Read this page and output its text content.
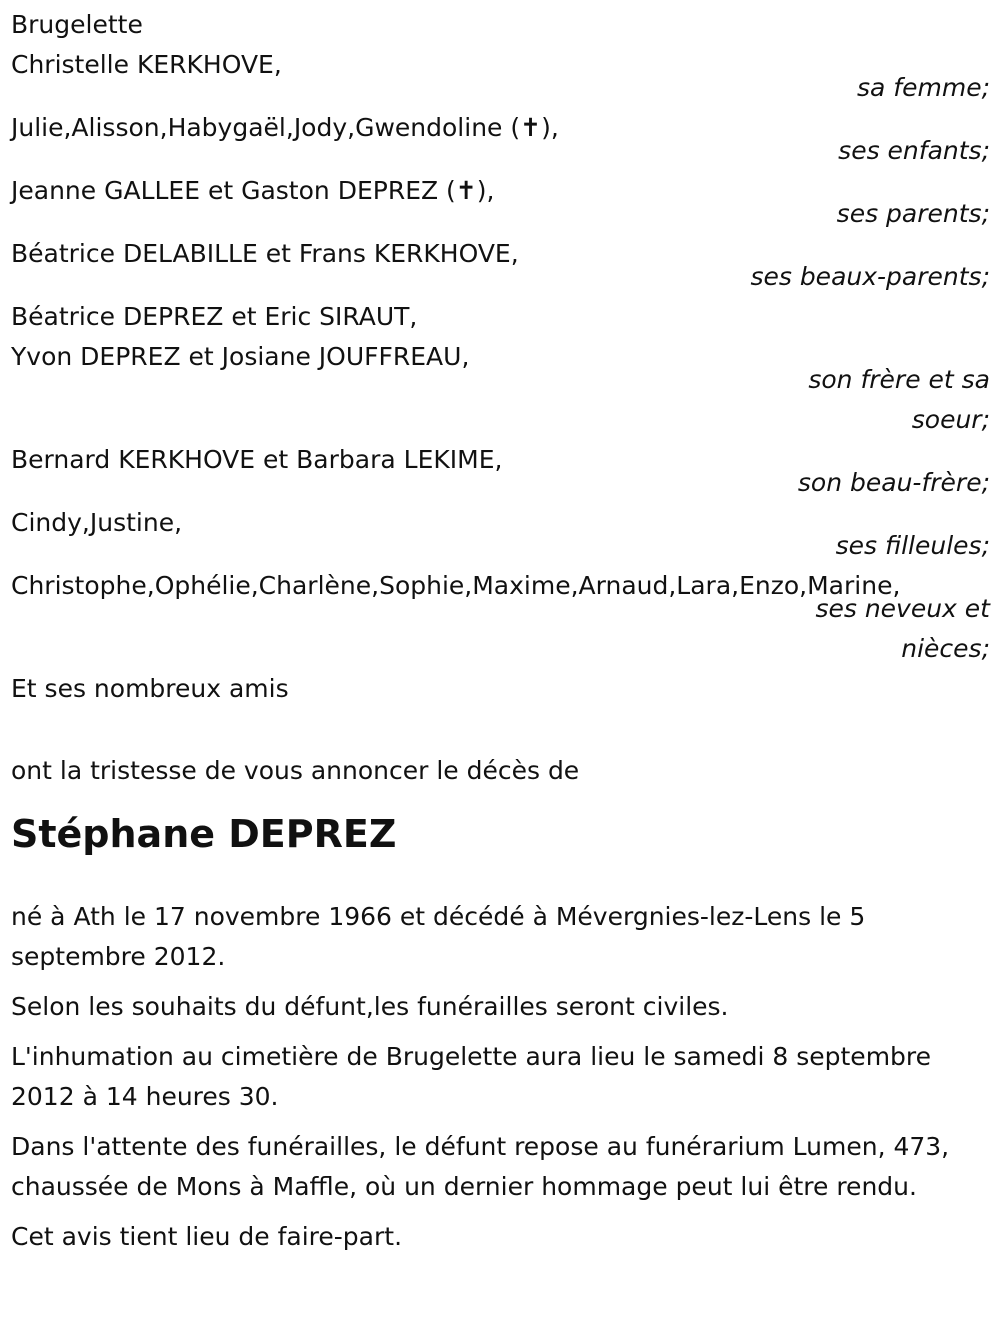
Brugelette

Christelle KERKHOVE,
sa femme;
Julie,Alisson,Habygaël,Jody,Gwendoline (✝),
ses enfants;
Jeanne GALLEE et Gaston DEPREZ (✝),
ses parents;
Béatrice DELABILLE et Frans KERKHOVE,
ses beaux-parents;
Béatrice DEPREZ et Eric SIRAUT,
Yvon DEPREZ et Josiane JOUFFREAU,
son frère et sa soeur;
Bernard KERKHOVE et Barbara LEKIME,
son beau-frère;
Cindy,Justine,
ses filleules;
Christophe,Ophélie,Charlène,Sophie,Maxime,Arnaud,Lara,Enzo,Marine,
ses neveux et nièces;

Et ses nombreux amis

ont la tristesse de vous annoncer le décès de

Stéphane DEPREZ

né à Ath le 17 novembre 1966 et décédé à Mévergnies-lez-Lens le 5 septembre 2012.

Selon les souhaits du défunt,les funérailles seront civiles.

L'inhumation au cimetière de Brugelette aura lieu le samedi 8 septembre 2012 à 14 heures 30.

Dans l'attente des funérailles, le défunt repose au funérarium Lumen, 473, chaussée de Mons à Maffle, où un dernier hommage peut lui être rendu.

Cet avis tient lieu de faire-part.
